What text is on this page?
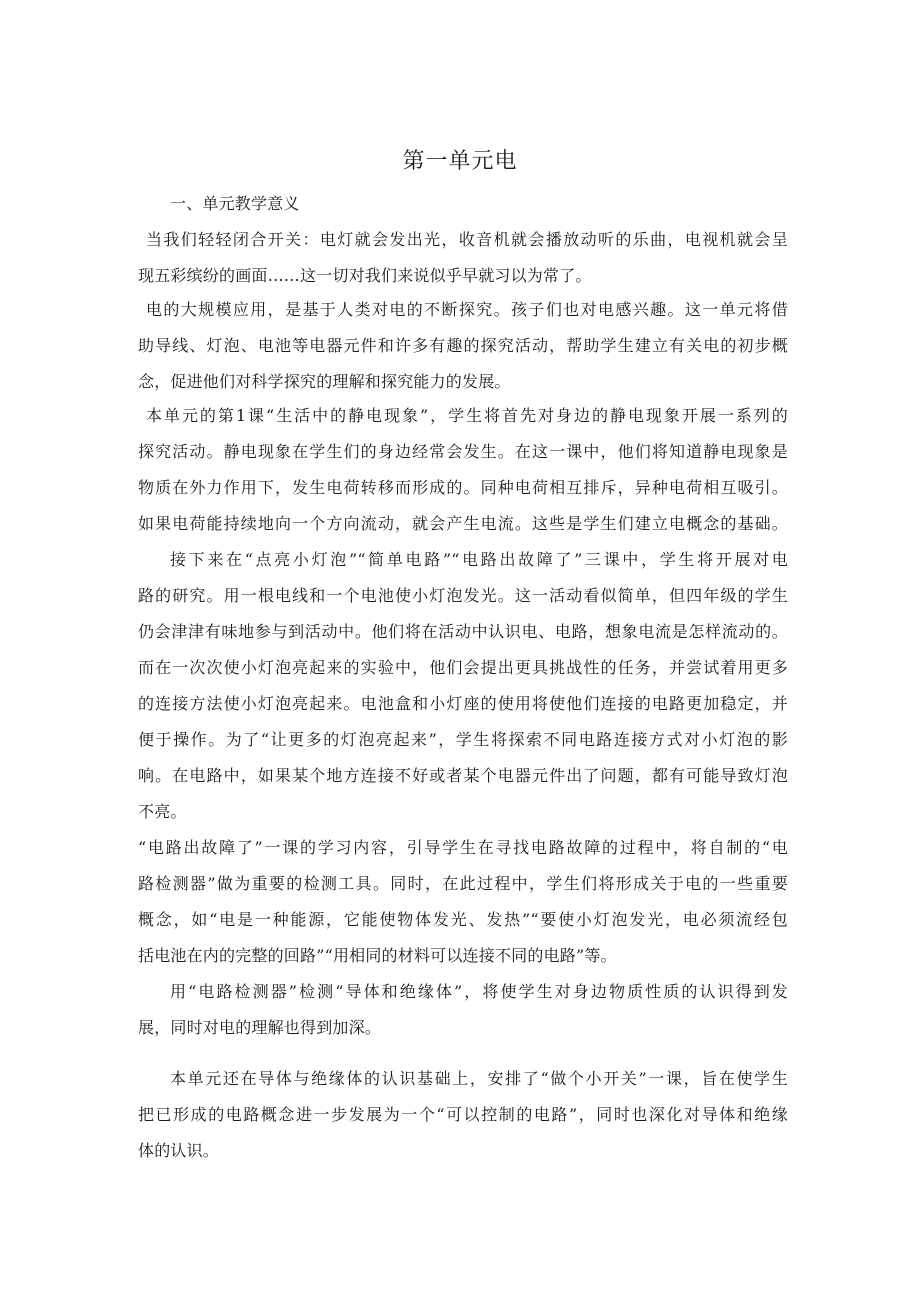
第一单元电
一、单元教学意义
当我们轻轻闭合开关：电灯就会发出光，收音机就会播放动听的乐曲，电视机就会呈
现五彩缤纷的画面……这一切对我们来说似乎早就习以为常了。
电的大规模应用，是基于人类对电的不断探究。孩子们也对电感兴趣。这一单元将借
助导线、灯泡、电池等电器元件和许多有趣的探究活动，帮助学生建立有关电的初步概
念，促进他们对科学探究的理解和探究能力的发展。
本单元的第1课“生活中的静电现象”，学生将首先对身边的静电现象开展一系列的
探究活动。静电现象在学生们的身边经常会发生。在这一课中，他们将知道静电现象是
物质在外力作用下，发生电荷转移而形成的。同种电荷相互排斥，异种电荷相互吸引。
如果电荷能持续地向一个方向流动，就会产生电流。这些是学生们建立电概念的基础。
接下来在“点亮小灯泡”“简单电路”“电路出故障了”三课中，学生将开展对电
路的研究。用一根电线和一个电池使小灯泡发光。这一活动看似简单，但四年级的学生
仍会津津有味地参与到活动中。他们将在活动中认识电、电路，想象电流是怎样流动的。
而在一次次使小灯泡亮起来的实验中，他们会提出更具挑战性的任务，并尝试着用更多
的连接方法使小灯泡亮起来。电池盒和小灯座的使用将使他们连接的电路更加稳定，并
便于操作。为了“让更多的灯泡亮起来”，学生将探索不同电路连接方式对小灯泡的影
响。在电路中，如果某个地方连接不好或者某个电器元件出了问题，都有可能导致灯泡
不亮。
“电路出故障了”一课的学习内容，引导学生在寻找电路故障的过程中，将自制的“电
路检测器”做为重要的检测工具。同时，在此过程中，学生们将形成关于电的一些重要
概念，如“电是一种能源，它能使物体发光、发热”“要使小灯泡发光，电必须流经包
括电池在内的完整的回路”“用相同的材料可以连接不同的电路”等。
用“电路检测器”检测“导体和绝缘体”，将使学生对身边物质性质的认识得到发
展，同时对电的理解也得到加深。
本单元还在导体与绝缘体的认识基础上，安排了“做个小开关”一课，旨在使学生
把已形成的电路概念进一步发展为一个“可以控制的电路”，同时也深化对导体和绝缘
体的认识。
